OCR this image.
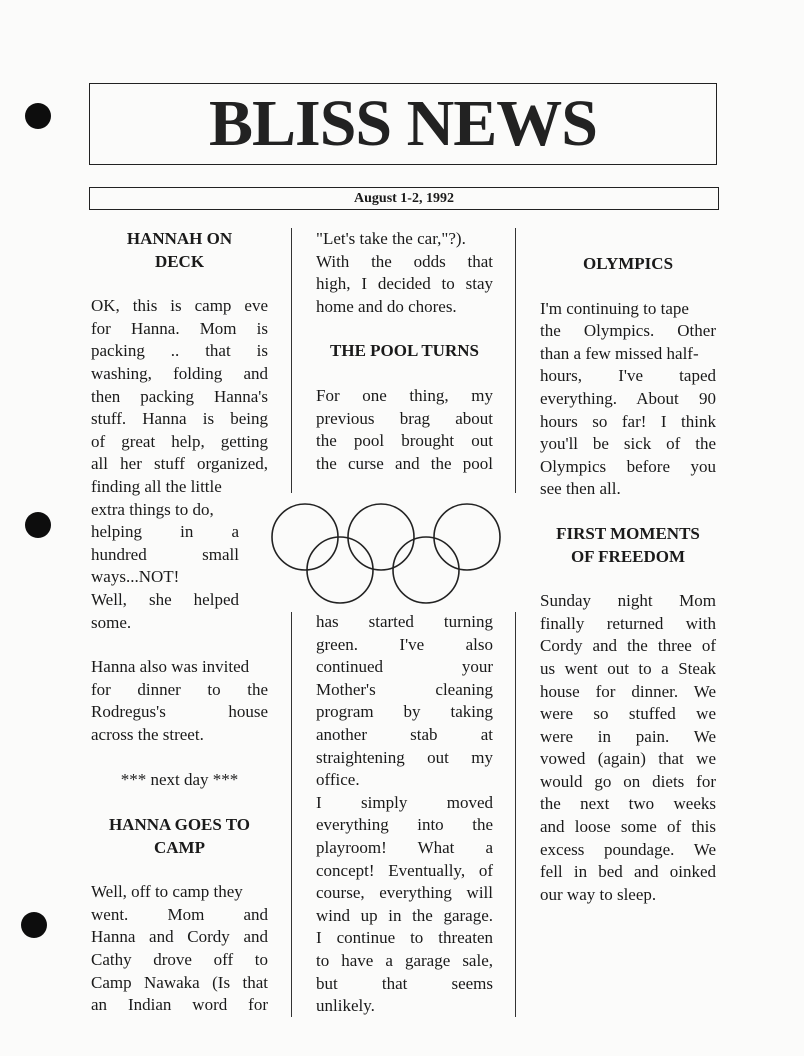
BLISS NEWS
August 1-2, 1992
HANNAH ON
DECK

OK, this is camp eve

for Hanna. Mom is

packing .. that is

washing, folding and

then packing Hanna's

stuff. Hanna is being

of great help, getting

all her stuff organized,

finding all the little

extra things to do,

helping in a

hundred small

ways...NOT!

Well, she helped

some.

Hanna also was invited

for dinner to the

Rodregus's house

across the street.

*** next day ***
HANNA GOES TO
CAMP

Well, off to camp they

went. Mom and

Hanna and Cordy and

Cathy drove off to

Camp Nawaka (Is that

an Indian word for

"Let's take the car,"?).

With the odds that

high, I decided to stay

home and do chores.

THE POOL TURNS

For one thing, my

previous brag about

the pool brought out

the curse and the pool

has started turning

green. I've also

continued your

Mother's cleaning

program by taking

another stab at

straightening out my

office.

I simply moved

everything into the

playroom! What a

concept! Eventually, of

course, everything will

wind up in the garage.

I continue to threaten

to have a garage sale,

but that seems

unlikely.

OLYMPICS

I'm continuing to tape

the Olympics. Other

than a few missed half-

hours, I've taped

everything. About 90

hours so far! I think

you'll be sick of the

Olympics before you

see then all.

FIRST MOMENTS
OF FREEDOM

Sunday night Mom

finally returned with

Cordy and the three of

us went out to a Steak

house for dinner. We

were so stuffed we

were in pain. We

vowed (again) that we

would go on diets for

the next two weeks

and loose some of this

excess poundage. We

fell in bed and oinked

our way to sleep.
